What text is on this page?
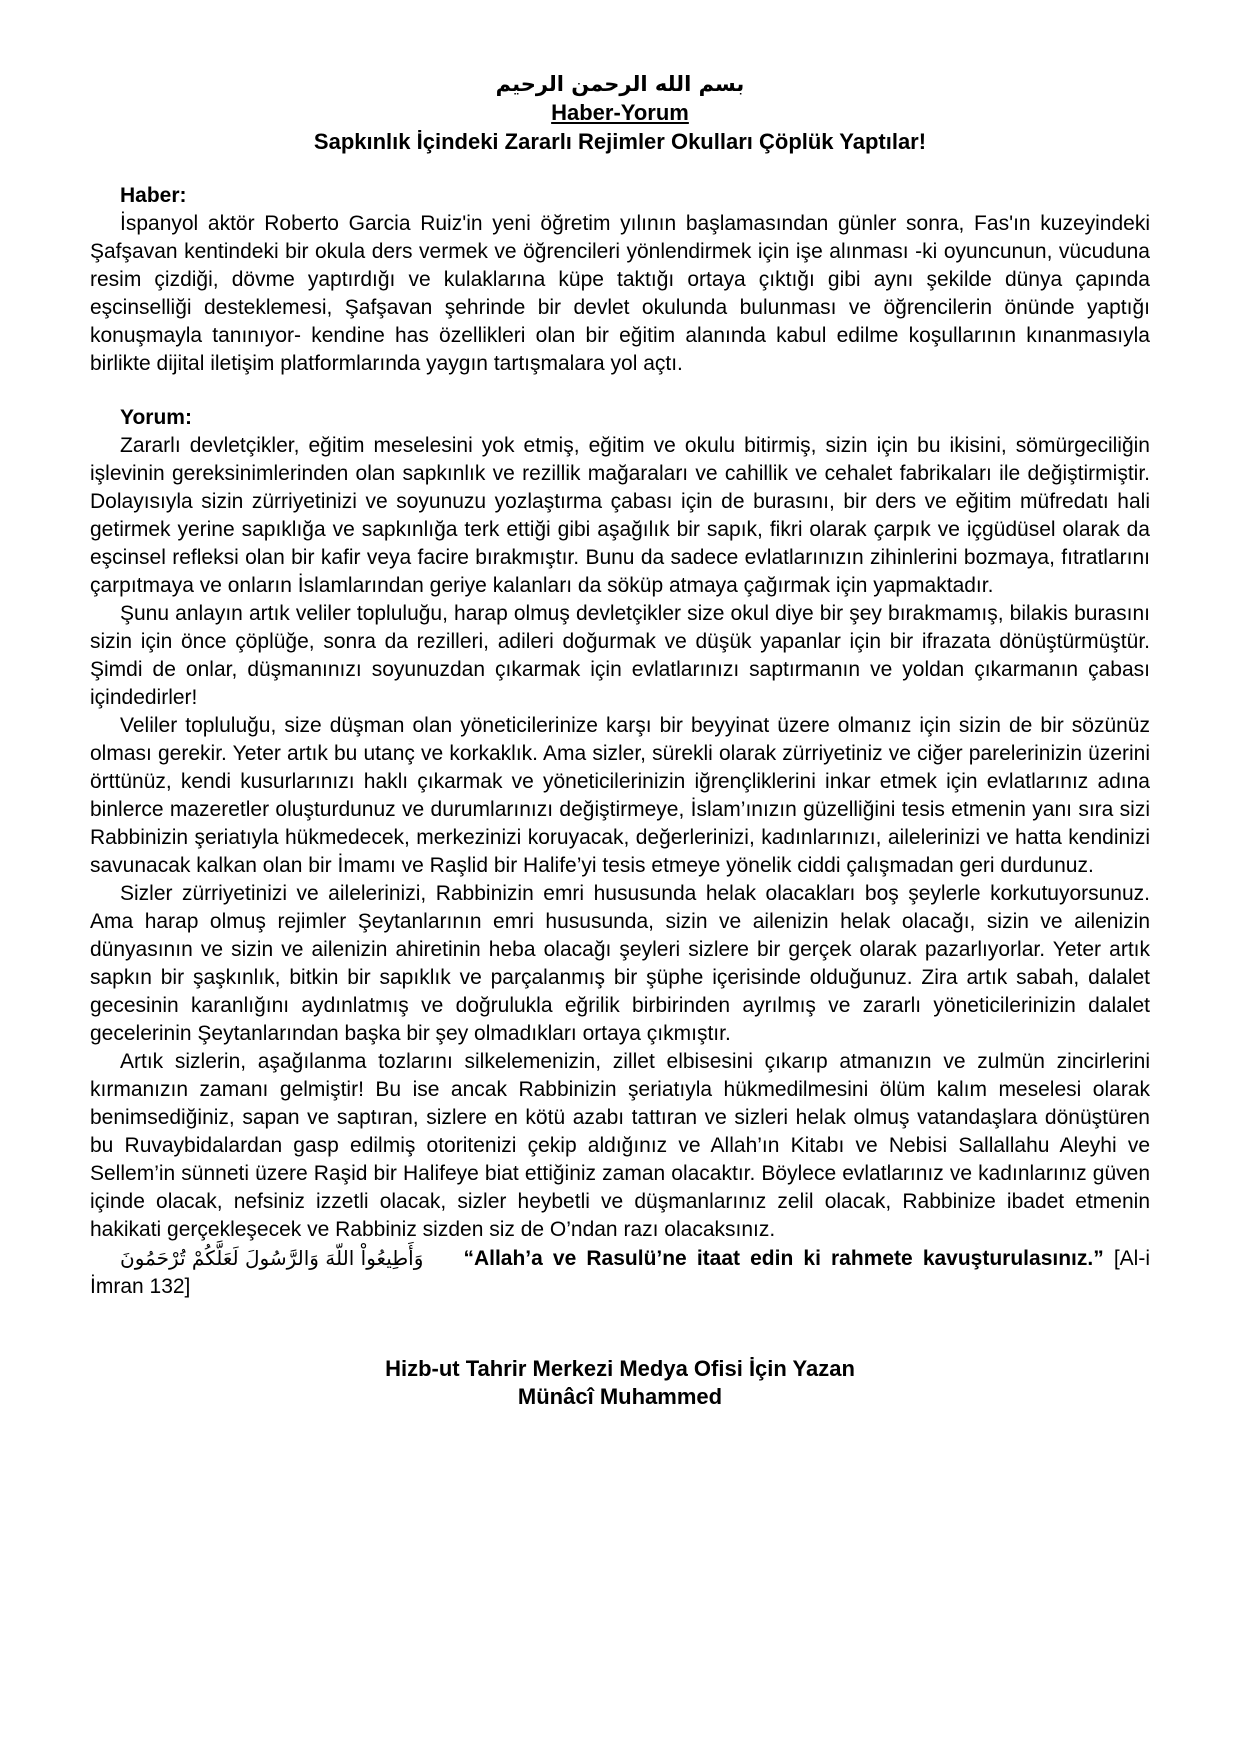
بسم الله الرحمن الرحيم
Haber-Yorum
Sapkınlık İçindeki Zararlı Rejimler Okulları Çöplük Yaptılar!
Haber:

İspanyol aktör Roberto Garcia Ruiz'in yeni öğretim yılının başlamasından günler sonra, Fas'ın kuzeyindeki Şafşavan kentindeki bir okula ders vermek ve öğrencileri yönlendirmek için işe alınması -ki oyuncunun, vücuduna resim çizdiği, dövme yaptırdığı ve kulaklarına küpe taktığı ortaya çıktığı gibi aynı şekilde dünya çapında eşcinselliği desteklemesi, Şafşavan şehrinde bir devlet okulunda bulunması ve öğrencilerin önünde yaptığı konuşmayla tanınıyor- kendine has özellikleri olan bir eğitim alanında kabul edilme koşullarının kınanmasıyla birlikte dijital iletişim platformlarında yaygın tartışmalara yol açtı.

Yorum:

Zararlı devletçikler, eğitim meselesini yok etmiş, eğitim ve okulu bitirmiş, sizin için bu ikisini, sömürgeciliğin işlevinin gereksinimlerinden olan sapkınlık ve rezillik mağaraları ve cahillik ve cehalet fabrikaları ile değiştirmiştir. Dolayısıyla sizin zürriyetinizi ve soyunuzu yozlaştırma çabası için de burasını, bir ders ve eğitim müfredatı hali getirmek yerine sapıklığa ve sapkınlığa terk ettiği gibi aşağılık bir sapık, fikri olarak çarpık ve içgüdüsel olarak da eşcinsel refleksi olan bir kafir veya facire bırakmıştır. Bunu da sadece evlatlarınızın zihinlerini bozmaya, fıtratlarını çarpıtmaya ve onların İslamlarından geriye kalanları da söküp atmaya çağırmak için yapmaktadır.

Şunu anlayın artık veliler topluluğu, harap olmuş devletçikler size okul diye bir şey bırakmamış, bilakis burasını sizin için önce çöplüğe, sonra da rezilleri, adileri doğurmak ve düşük yapanlar için bir ifrazata dönüştürmüştür. Şimdi de onlar, düşmanınızı soyunuzdan çıkarmak için evlatlarınızı saptırmanın ve yoldan çıkarmanın çabası içindedirler!

Veliler topluluğu, size düşman olan yöneticilerinize karşı bir beyyinat üzere olmanız için sizin de bir sözünüz olması gerekir. Yeter artık bu utanç ve korkaklık. Ama sizler, sürekli olarak zürriyetiniz ve ciğer parelerinizin üzerini örttünüz, kendi kusurlarınızı haklı çıkarmak ve yöneticilerinizin iğrençliklerini inkar etmek için evlatlarınız adına binlerce mazeretler oluşturdunuz ve durumlarınızı değiştirmeye, İslam’ınızın güzelliğini tesis etmenin yanı sıra sizi Rabbinizin şeriatıyla hükmedecek, merkezinizi koruyacak, değerlerinizi, kadınlarınızı, ailelerinizi ve hatta kendinizi savunacak kalkan olan bir İmamı ve Raşlid bir Halife’yi tesis etmeye yönelik ciddi çalışmadan geri durdunuz.

Sizler zürriyetinizi ve ailelerinizi, Rabbinizin emri hususunda helak olacakları boş şeylerle korkutuyorsunuz. Ama harap olmuş rejimler Şeytanlarının emri hususunda, sizin ve ailenizin helak olacağı, sizin ve ailenizin dünyasının ve sizin ve ailenizin ahiretinin heba olacağı şeyleri sizlere bir gerçek olarak pazarlıyorlar. Yeter artık sapkın bir şaşkınlık, bitkin bir sapıklık ve parçalanmış bir şüphe içerisinde olduğunuz. Zira artık sabah, dalalet gecesinin karanlığını aydınlatmış ve doğrulukla eğrilik birbirinden ayrılmış ve zararlı yöneticilerinizin dalalet gecelerinin Şeytanlarından başka bir şey olmadıkları ortaya çıkmıştır.

Artık sizlerin, aşağılanma tozlarını silkelemenizin, zillet elbisesini çıkarıp atmanızın ve zulmün zincirlerini kırmanızın zamanı gelmiştir! Bu ise ancak Rabbinizin şeriatıyla hükmedilmesini ölüm kalım meselesi olarak benimsediğiniz, sapan ve saptıran, sizlere en kötü azabı tattıran ve sizleri helak olmuş vatandaşlara dönüştüren bu Ruvaybidalardan gasp edilmiş otoritenizi çekip aldığınız ve Allah’ın Kitabı ve Nebisi Sallallahu Aleyhi ve Sellem’in sünneti üzere Raşid bir Halifeye biat ettiğiniz zaman olacaktır. Böylece evlatlarınız ve kadınlarınız güven içinde olacak, nefsiniz izzetli olacak, sizler heybetli ve düşmanlarınız zelil olacak, Rabbinize ibadet etmenin hakikati gerçekleşecek ve Rabbiniz sizden siz de O’ndan razı olacaksınız.

وَأَطِيعُواْ اللّهَ وَالرَّسُولَ لَعَلَّكُمْ تُرْحَمُونَ “Allah’a ve Rasulü’ne itaat edin ki rahmete kavuşturulasınız.” [Al-i İmran 132]

Hizb-ut Tahrir Merkezi Medya Ofisi İçin Yazan
Münâcî Muhammed
